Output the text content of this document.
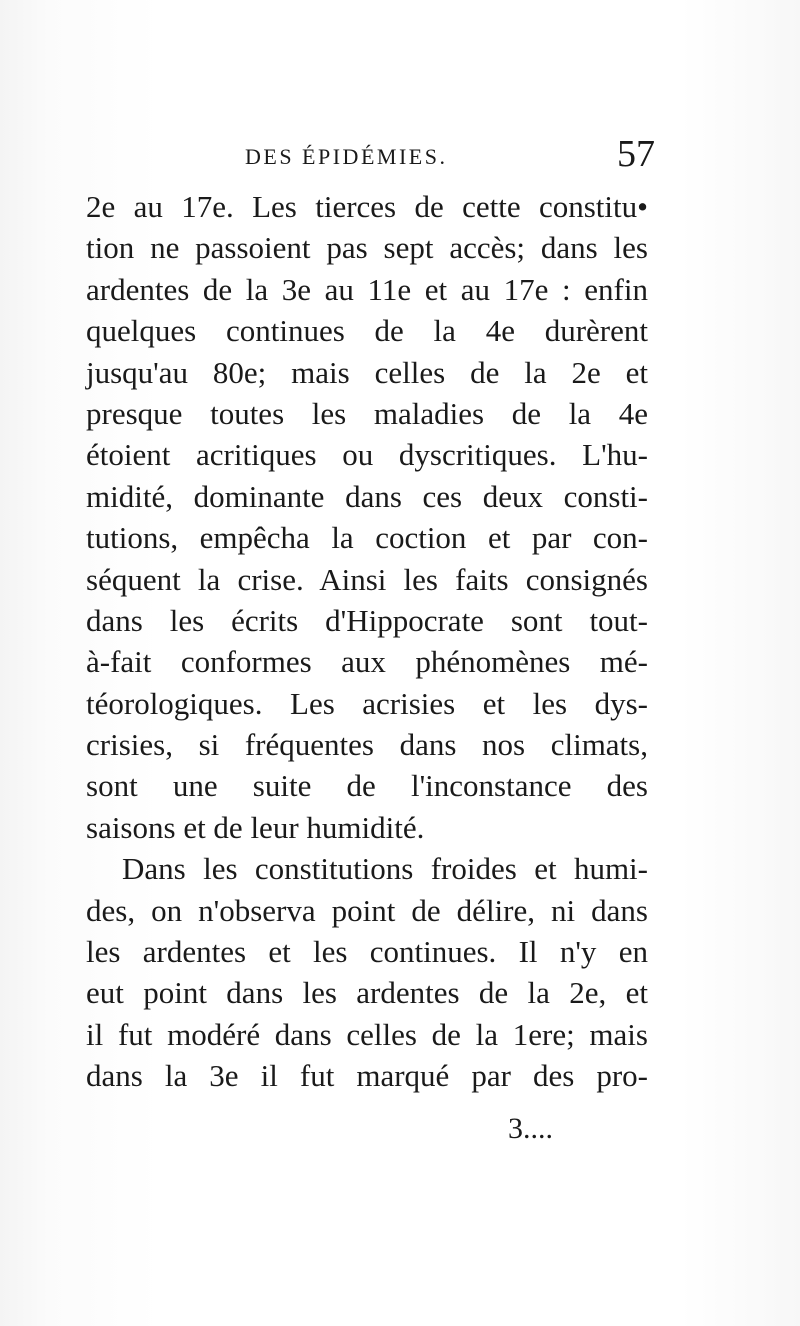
DES ÉPIDÉMIES.	57
2e au 17e. Les tierces de cette constitu•
tion ne passoient pas sept accès; dans les
ardentes de la 3e au 11e et au 17e : enfin
quelques continues de la 4e durèrent
jusqu'au 80e; mais celles de la 2e et
presque toutes les maladies de la 4e
étoient acritiques ou dyscritiques. L'hu-
midité, dominante dans ces deux consti-
tutions, empêcha la coction et par con-
séquent la crise. Ainsi les faits consignés
dans les écrits d'Hippocrate sont tout-
à-fait conformes aux phénomènes mé-
téorologiques. Les acrisies et les dys-
crisies, si fréquentes dans nos climats,
sont une suite de l'inconstance des
saisons et de leur humidité.
Dans les constitutions froides et humi-
des, on n'observa point de délire, ni dans
les ardentes et les continues. Il n'y en
eut point dans les ardentes de la 2e, et
il fut modéré dans celles de la 1ere; mais
dans la 3e il fut marqué par des pro-
3....
